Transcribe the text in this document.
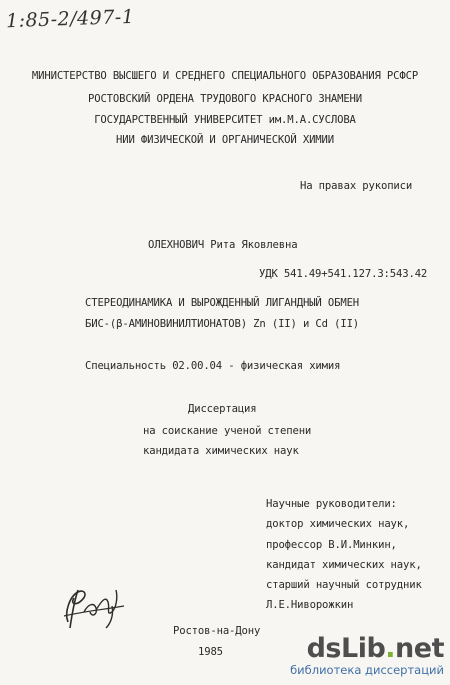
1:85-2/497-1
МИНИСТЕРСТВО ВЫСШЕГО И СРЕДНЕГО СПЕЦИАЛЬНОГО ОБРАЗОВАНИЯ РСФСР
РОСТОВСКИЙ ОРДЕНА ТРУДОВОГО КРАСНОГО ЗНАМЕНИ
ГОСУДАРСТВЕННЫЙ УНИВЕРСИТЕТ им.М.А.СУСЛОВА
НИИ ФИЗИЧЕСКОЙ И ОРГАНИЧЕСКОЙ ХИМИИ
На правах рукописи
ОЛЕХНОВИЧ Рита Яковлевна
УДК 541.49+541.127.3:543.42
СТЕРЕОДИНАМИКА И ВЫРОЖДЕННЫЙ ЛИГАНДНЫЙ ОБМЕН
БИС-(β-АМИНОВИНИЛТИОНАТОВ) Zn (II) и Cd (II)
Специальность 02.00.04 - физическая химия
Диссертация
на соискание ученой степени
кандидата химических наук
Научные руководители:
доктор химических наук,
профессор В.И.Минкин,
кандидат химических наук,
старший научный сотрудник
Л.Е.Ниворожкин
Ростов-на-Дону
1985	dsLib.net
библиотека диссертаций
